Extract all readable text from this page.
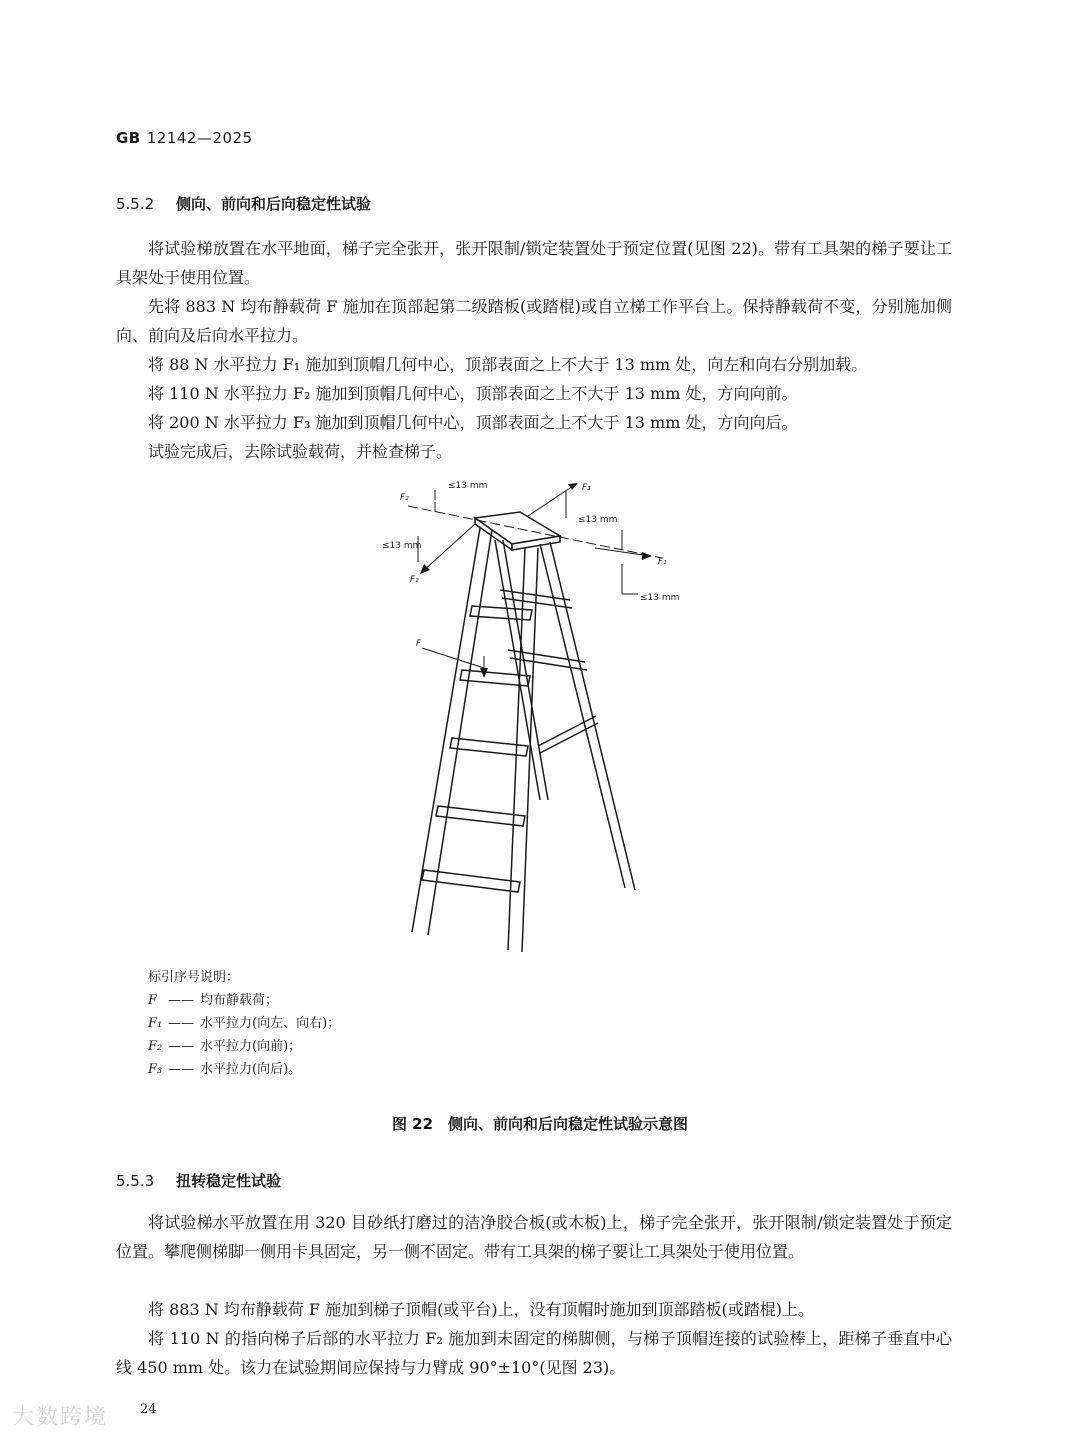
GB 12142—2025
5.5.2 侧向、前向和后向稳定性试验

将试验梯放置在水平地面，梯子完全张开，张开限制/锁定装置处于预定位置(见图 22)。带有工具架的梯子要让工具架处于使用位置。

先将 883 N 均布静载荷 F 施加在顶部起第二级踏板(或踏棍)或自立梯工作平台上。保持静载荷不变，分别施加侧向、前向及后向水平拉力。

将 88 N 水平拉力 F₁ 施加到顶帽几何中心，顶部表面之上不大于 13 mm 处，向左和向右分别加载。

将 110 N 水平拉力 F₂ 施加到顶帽几何中心，顶部表面之上不大于 13 mm 处，方向向前。

将 200 N 水平拉力 F₃ 施加到顶帽几何中心，顶部表面之上不大于 13 mm 处，方向向后。

试验完成后，去除试验载荷，并检查梯子。

F₂
≤13 mm	F₃
≤13 mm
≤13 mm
F₂
F₁
≤13 mm
F
标引序号说明：
F —— 均布静载荷；
F₁ —— 水平拉力(向左、向右)；
F₂ —— 水平拉力(向前)；
F₃ —— 水平拉力(向后)。
图 22　侧向、前向和后向稳定性试验示意图
5.5.3 扭转稳定性试验

将试验梯水平放置在用 320 目砂纸打磨过的洁净胶合板(或木板)上，梯子完全张开，张开限制/锁定装置处于预定位置。攀爬侧梯脚一侧用卡具固定，另一侧不固定。带有工具架的梯子要让工具架处于使用位置。

将 883 N 均布静载荷 F 施加到梯子顶帽(或平台)上，没有顶帽时施加到顶部踏板(或踏棍)上。

将 110 N 的指向梯子后部的水平拉力 F₂ 施加到未固定的梯脚侧，与梯子顶帽连接的试验棒上，距梯子垂直中心线 450 mm 处。该力在试验期间应保持与力臂成 90°±10°(见图 23)。

大数跨境 24
